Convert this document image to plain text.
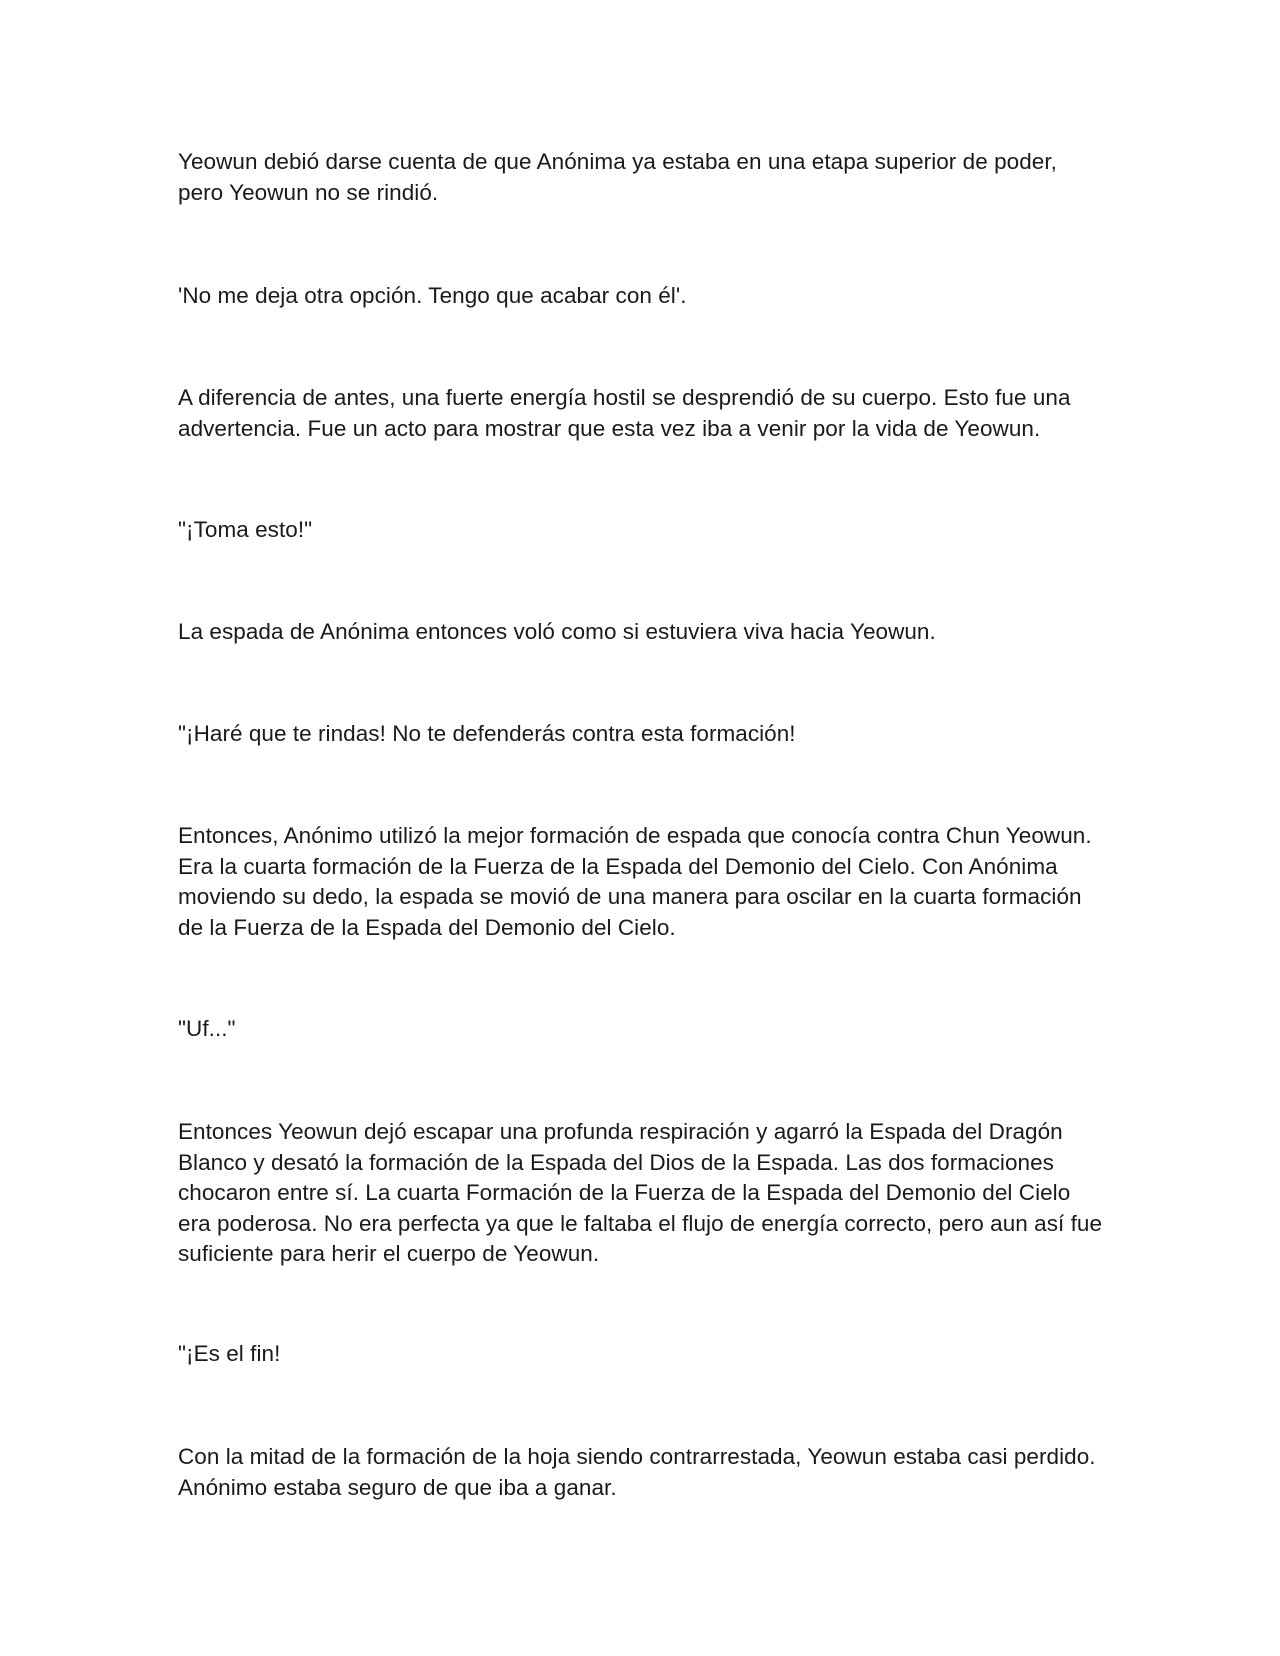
Yeowun debió darse cuenta de que Anónima ya estaba en una etapa superior de poder, pero Yeowun no se rindió.

'No me deja otra opción. Tengo que acabar con él'.

A diferencia de antes, una fuerte energía hostil se desprendió de su cuerpo. Esto fue una advertencia. Fue un acto para mostrar que esta vez iba a venir por la vida de Yeowun.

"¡Toma esto!"

La espada de Anónima entonces voló como si estuviera viva hacia Yeowun.

"¡Haré que te rindas! No te defenderás contra esta formación!

Entonces, Anónimo utilizó la mejor formación de espada que conocía contra Chun Yeowun. Era la cuarta formación de la Fuerza de la Espada del Demonio del Cielo. Con Anónima moviendo su dedo, la espada se movió de una manera para oscilar en la cuarta formación de la Fuerza de la Espada del Demonio del Cielo.

"Uf..."

Entonces Yeowun dejó escapar una profunda respiración y agarró la Espada del Dragón Blanco y desató la formación de la Espada del Dios de la Espada. Las dos formaciones chocaron entre sí. La cuarta Formación de la Fuerza de la Espada del Demonio del Cielo era poderosa. No era perfecta ya que le faltaba el flujo de energía correcto, pero aun así fue suficiente para herir el cuerpo de Yeowun.

"¡Es el fin!

Con la mitad de la formación de la hoja siendo contrarrestada, Yeowun estaba casi perdido. Anónimo estaba seguro de que iba a ganar.
